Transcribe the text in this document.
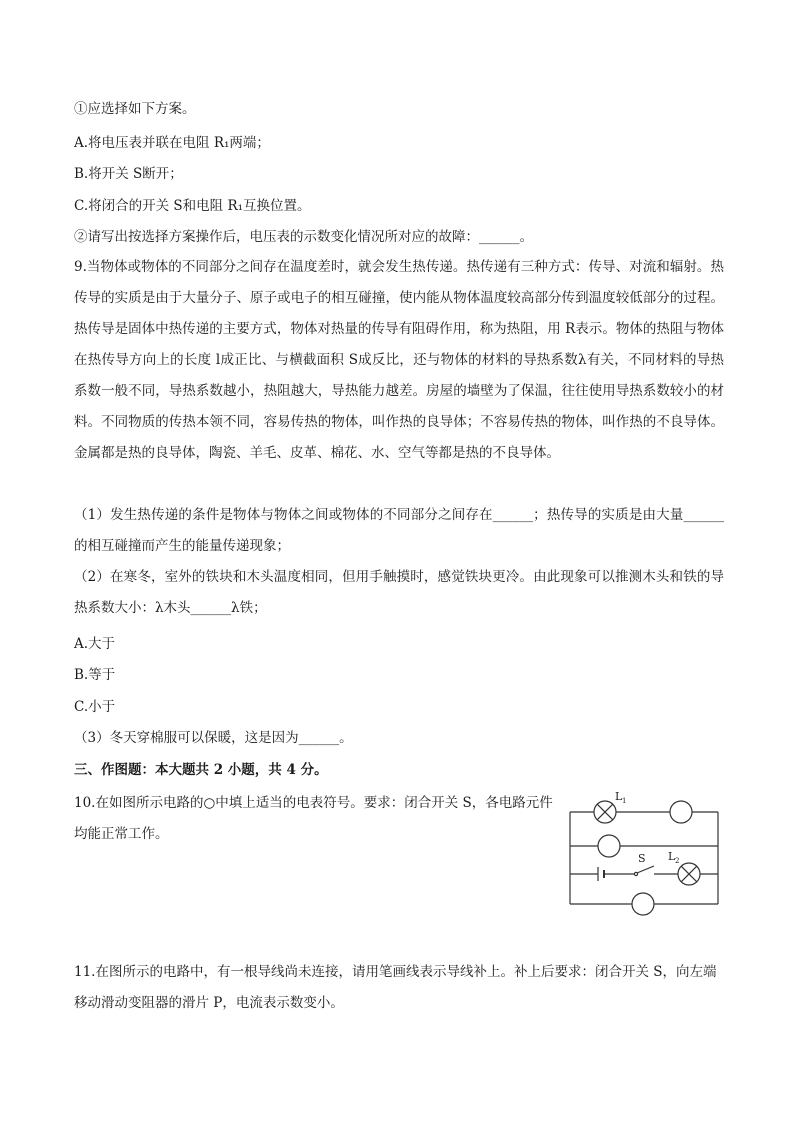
①应选择如下方案。
A.将电压表并联在电阻 R₁两端；
B.将开关 S断开；
C.将闭合的开关 S和电阻 R₁互换位置。
②请写出按选择方案操作后，电压表的示数变化情况所对应的故障：______。
9.当物体或物体的不同部分之间存在温度差时，就会发生热传递。热传递有三种方式：传导、对流和辐射。热传导的实质是由于大量分子、原子或电子的相互碰撞，使内能从物体温度较高部分传到温度较低部分的过程。热传导是固体中热传递的主要方式，物体对热量的传导有阻碍作用，称为热阻，用 R表示。物体的热阻与物体在热传导方向上的长度 l成正比、与横截面积 S成反比，还与物体的材料的导热系数λ有关，不同材料的导热系数一般不同，导热系数越小，热阻越大，导热能力越差。房屋的墙壁为了保温，往往使用导热系数较小的材料。不同物质的传热本领不同，容易传热的物体，叫作热的良导体；不容易传热的物体，叫作热的不良导体。金属都是热的良导体，陶瓷、羊毛、皮革、棉花、水、空气等都是热的不良导体。
（1）发生热传递的条件是物体与物体之间或物体的不同部分之间存在______；热传导的实质是由大量______的相互碰撞而产生的能量传递现象；
（2）在寒冬，室外的铁块和木头温度相同，但用手触摸时，感觉铁块更冷。由此现象可以推测木头和铁的导热系数大小：λ木头______λ铁；
A.大于
B.等于
C.小于
（3）冬天穿棉服可以保暖，这是因为______。
三、作图题：本大题共 2 小题，共 4 分。
10.在如图所示电路的○中填上适当的电表符号。要求：闭合开关 S，各电路元件均能正常工作。
L 1
S L 2
11.在图所示的电路中，有一根导线尚未连接，请用笔画线表示导线补上。补上后要求：闭合开关 S，向左端移动滑动变阻器的滑片 P，电流表示数变小。
